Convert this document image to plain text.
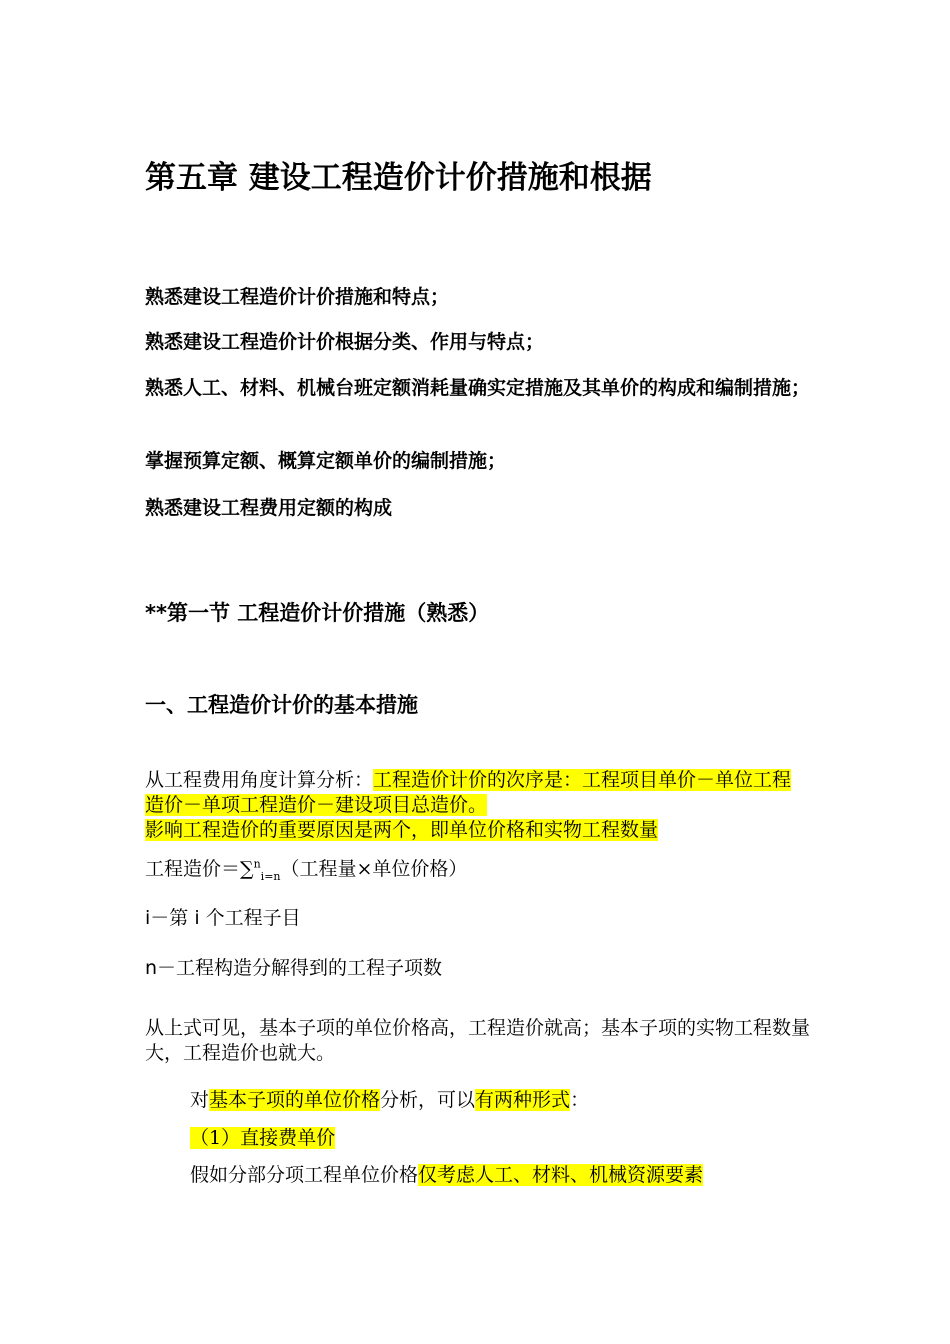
第五章 建设工程造价计价措施和根据
熟悉建设工程造价计价措施和特点；
熟悉建设工程造价计价根据分类、作用与特点；
熟悉人工、材料、机械台班定额消耗量确实定措施及其单价的构成和编制措施；
掌握预算定额、概算定额单价的编制措施；
熟悉建设工程费用定额的构成
**第一节 工程造价计价措施（熟悉）
一、工程造价计价的基本措施
从工程费用角度计算分析：工程造价计价的次序是：工程项目单价－单位工程造价－单项工程造价－建设项目总造价。
影响工程造价的重要原因是两个，即单位价格和实物工程数量
工程造价＝∑$^n_{i=n}$（工程量×单位价格）
i－第 i 个工程子目
n－工程构造分解得到的工程子项数
从上式可见，基本子项的单位价格高，工程造价就高；基本子项的实物工程数量大，工程造价也就大。
对基本子项的单位价格分析，可以有两种形式：
（1）直接费单价
假如分部分项工程单位价格仅考虑人工、材料、机械资源要素
